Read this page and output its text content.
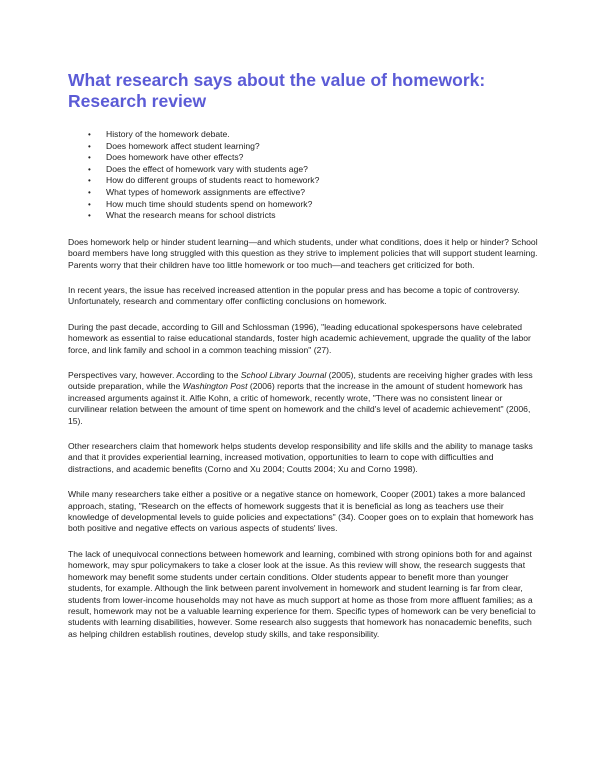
What research says about the value of homework:
Research review
• History of the homework debate.
• Does homework affect student learning?
• Does homework have other effects?
• Does the effect of homework vary with students age?
• How do different groups of students react to homework?
• What types of homework assignments are effective?
• How much time should students spend on homework?
• What the research means for school districts

Does homework help or hinder student learning—and which students, under what conditions, does it help or hinder? School board members have long struggled with this question as they strive to implement policies that will support student learning. Parents worry that their children have too little homework or too much—and teachers get criticized for both.

In recent years, the issue has received increased attention in the popular press and has become a topic of controversy. Unfortunately, research and commentary offer conflicting conclusions on homework.

During the past decade, according to Gill and Schlossman (1996), "leading educational spokespersons have celebrated homework as essential to raise educational standards, foster high academic achievement, upgrade the quality of the labor force, and link family and school in a common teaching mission" (27).

Perspectives vary, however. According to the School Library Journal (2005), students are receiving higher grades with less outside preparation, while the Washington Post (2006) reports that the increase in the amount of student homework has increased arguments against it. Alfie Kohn, a critic of homework, recently wrote, "There was no consistent linear or curvilinear relation between the amount of time spent on homework and the child's level of academic achievement" (2006, 15).

Other researchers claim that homework helps students develop responsibility and life skills and the ability to manage tasks and that it provides experiential learning, increased motivation, opportunities to learn to cope with difficulties and distractions, and academic benefits (Corno and Xu 2004; Coutts 2004; Xu and Corno 1998).

While many researchers take either a positive or a negative stance on homework, Cooper (2001) takes a more balanced approach, stating, "Research on the effects of homework suggests that it is beneficial as long as teachers use their knowledge of developmental levels to guide policies and expectations" (34). Cooper goes on to explain that homework has both positive and negative effects on various aspects of students' lives.

The lack of unequivocal connections between homework and learning, combined with strong opinions both for and against homework, may spur policymakers to take a closer look at the issue. As this review will show, the research suggests that homework may benefit some students under certain conditions. Older students appear to benefit more than younger students, for example. Although the link between parent involvement in homework and student learning is far from clear, students from lower-income households may not have as much support at home as those from more affluent families; as a result, homework may not be a valuable learning experience for them. Specific types of homework can be very beneficial to students with learning disabilities, however. Some research also suggests that homework has nonacademic benefits, such as helping children establish routines, develop study skills, and take responsibility.
